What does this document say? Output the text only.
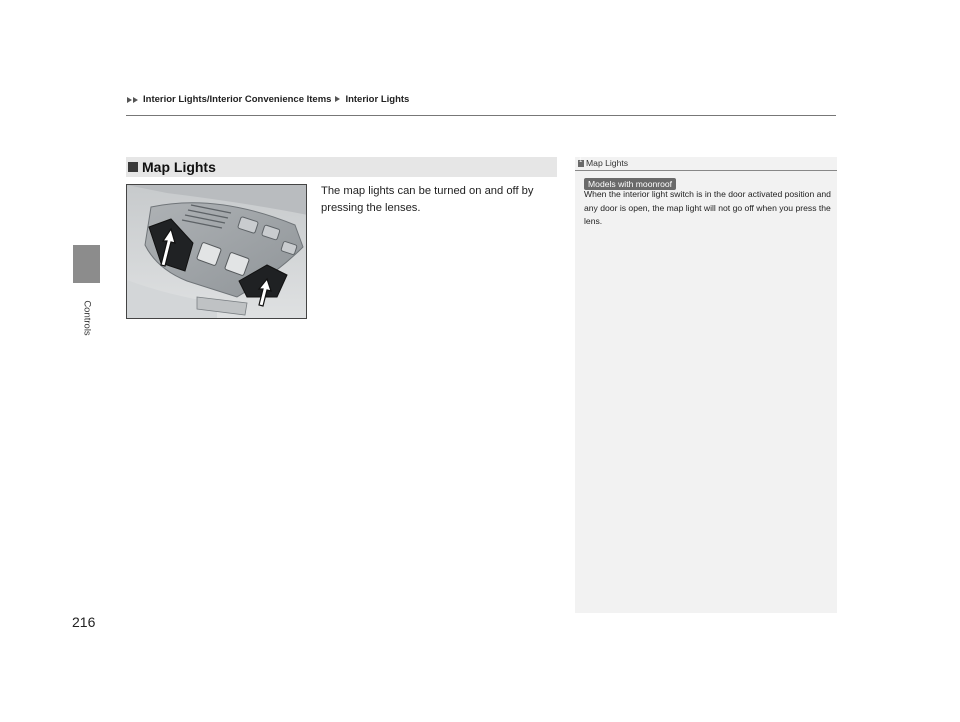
Interior Lights/Interior Convenience Items Interior Lights
Controls
216
Map Lights

The map lights can be turned on and off by pressing the lenses.

1 Map Lights
Models with moonroof

When the interior light switch is in the door activated position and any door is open, the map light will not go off when you press the lens.
